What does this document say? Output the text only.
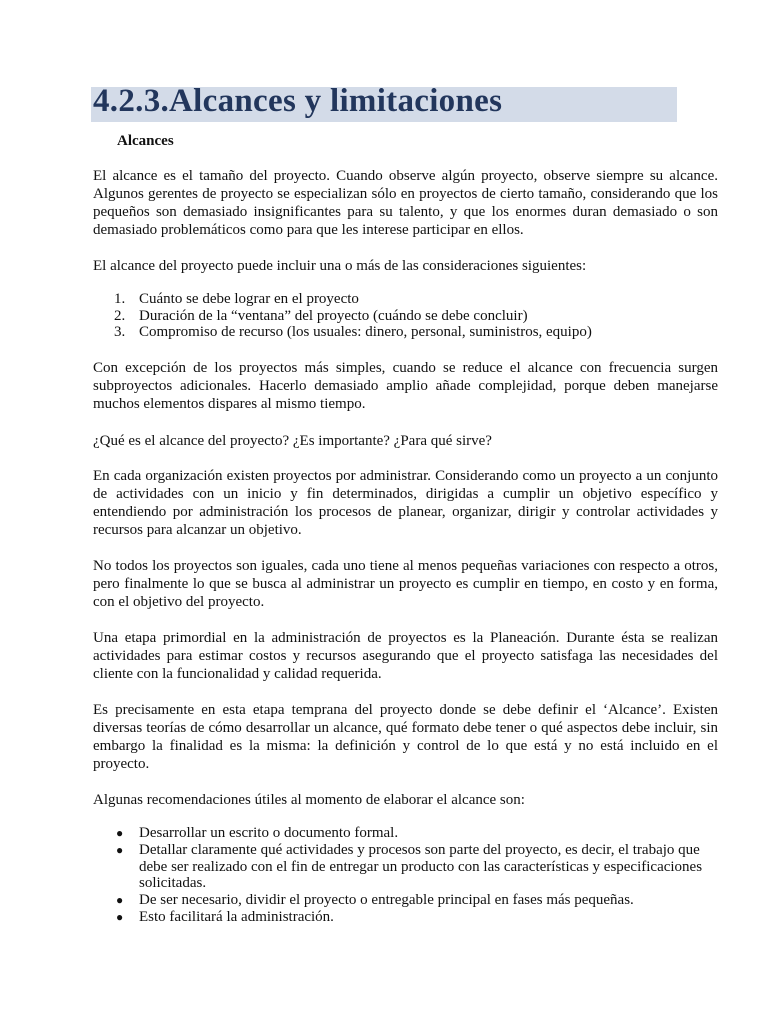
4.2.3.Alcances y limitaciones
Alcances

El alcance es el tamaño del proyecto. Cuando observe algún proyecto, observe siempre su alcance. Algunos gerentes de proyecto se especializan sólo en proyectos de cierto tamaño, considerando que los pequeños son demasiado insignificantes para su talento, y que los enormes duran demasiado o son demasiado problemáticos como para que les interese participar en ellos.

El alcance del proyecto puede incluir una o más de las consideraciones siguientes:

1. Cuánto se debe lograr en el proyecto
2. Duración de la “ventana” del proyecto (cuándo se debe concluir)
3. Compromiso de recurso (los usuales: dinero, personal, suministros, equipo)

Con excepción de los proyectos más simples, cuando se reduce el alcance con frecuencia surgen subproyectos adicionales. Hacerlo demasiado amplio añade complejidad, porque deben manejarse muchos elementos dispares al mismo tiempo.

¿Qué es el alcance del proyecto? ¿Es importante? ¿Para qué sirve?

En cada organización existen proyectos por administrar. Considerando como un proyecto a un conjunto de actividades con un inicio y fin determinados, dirigidas a cumplir un objetivo específico y entendiendo por administración los procesos de planear, organizar, dirigir y controlar actividades y recursos para alcanzar un objetivo.

No todos los proyectos son iguales, cada uno tiene al menos pequeñas variaciones con respecto a otros, pero finalmente lo que se busca al administrar un proyecto es cumplir en tiempo, en costo y en forma, con el objetivo del proyecto.

Una etapa primordial en la administración de proyectos es la Planeación. Durante ésta se realizan actividades para estimar costos y recursos asegurando que el proyecto satisfaga las necesidades del cliente con la funcionalidad y calidad requerida.

Es precisamente en esta etapa temprana del proyecto donde se debe definir el ‘Alcance’. Existen diversas teorías de cómo desarrollar un alcance, qué formato debe tener o qué aspectos debe incluir, sin embargo la finalidad es la misma: la definición y control de lo que está y no está incluido en el proyecto.

Algunas recomendaciones útiles al momento de elaborar el alcance son:

● Desarrollar un escrito o documento formal.
● Detallar claramente qué actividades y procesos son parte del proyecto, es decir, el trabajo que debe ser realizado con el fin de entregar un producto con las características y especificaciones solicitadas.
● De ser necesario, dividir el proyecto o entregable principal en fases más pequeñas.
● Esto facilitará la administración.
